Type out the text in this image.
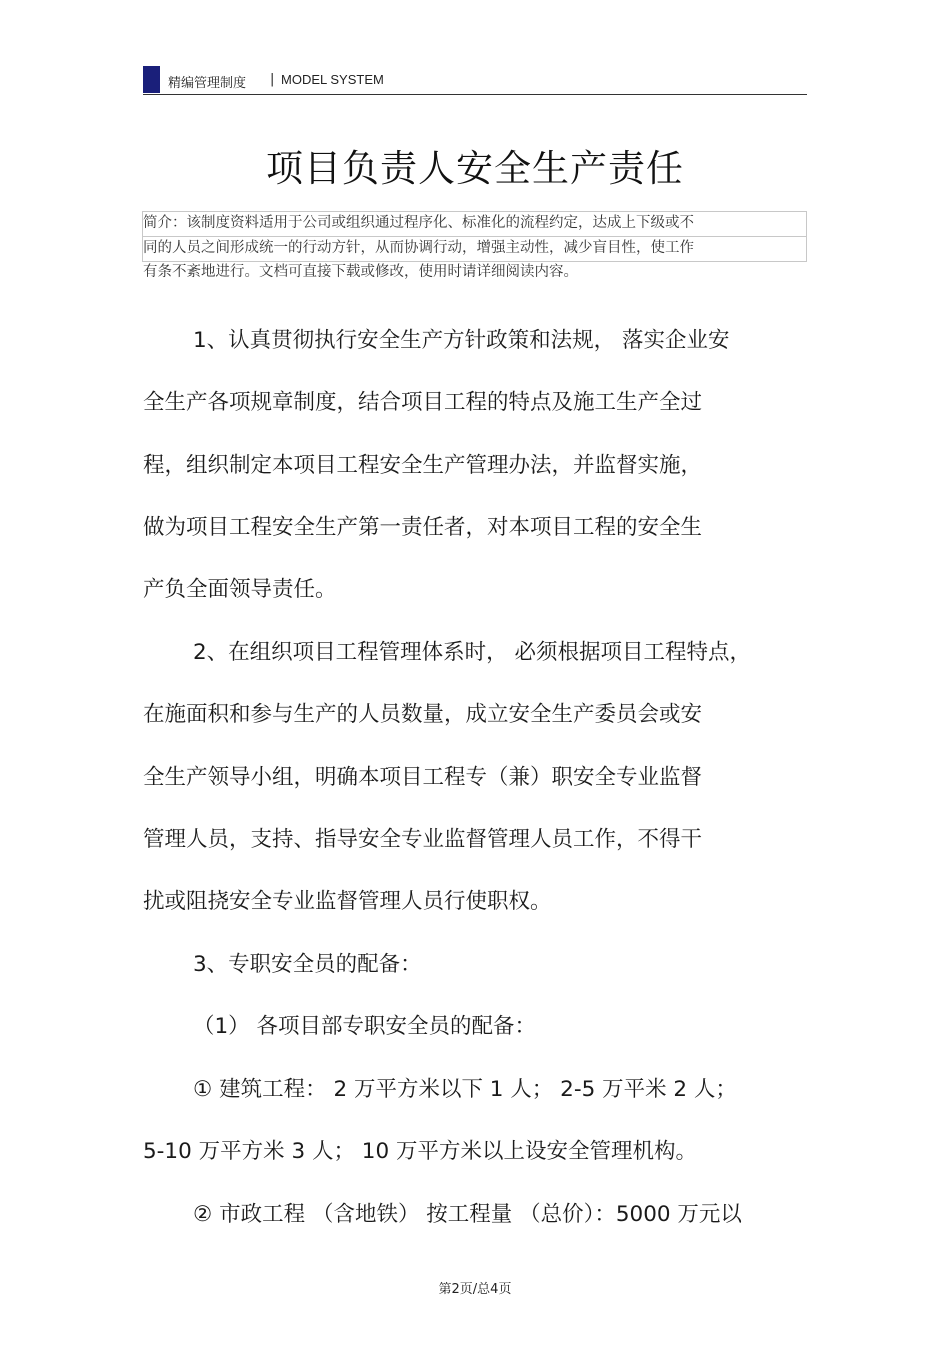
精编管理制度 | MODEL SYSTEM
项目负责人安全生产责任
简介：该制度资料适用于公司或组织通过程序化、标准化的流程约定，达成上下级或不
同的人员之间形成统一的行动方针，从而协调行动，增强主动性，减少盲目性，使工作
有条不紊地进行。文档可直接下载或修改，使用时请详细阅读内容。
1、认真贯彻执行安全生产方针政策和法规， 落实企业安
全生产各项规章制度，结合项目工程的特点及施工生产全过
程，组织制定本项目工程安全生产管理办法，并监督实施，
做为项目工程安全生产第一责任者，对本项目工程的安全生
产负全面领导责任。
2、在组织项目工程管理体系时， 必须根据项目工程特点，
在施面积和参与生产的人员数量，成立安全生产委员会或安
全生产领导小组，明确本项目工程专（兼）职安全专业监督
管理人员，支持、指导安全专业监督管理人员工作，不得干
扰或阻挠安全专业监督管理人员行使职权。
3、专职安全员的配备：
（1） 各项目部专职安全员的配备：
① 建筑工程： 2 万平方米以下 1 人； 2-5 万平米 2 人；
5-10 万平方米 3 人； 10 万平方米以上设安全管理机构。
② 市政工程 （含地铁） 按工程量 （总价）：5000 万元以
第2页/总4页
